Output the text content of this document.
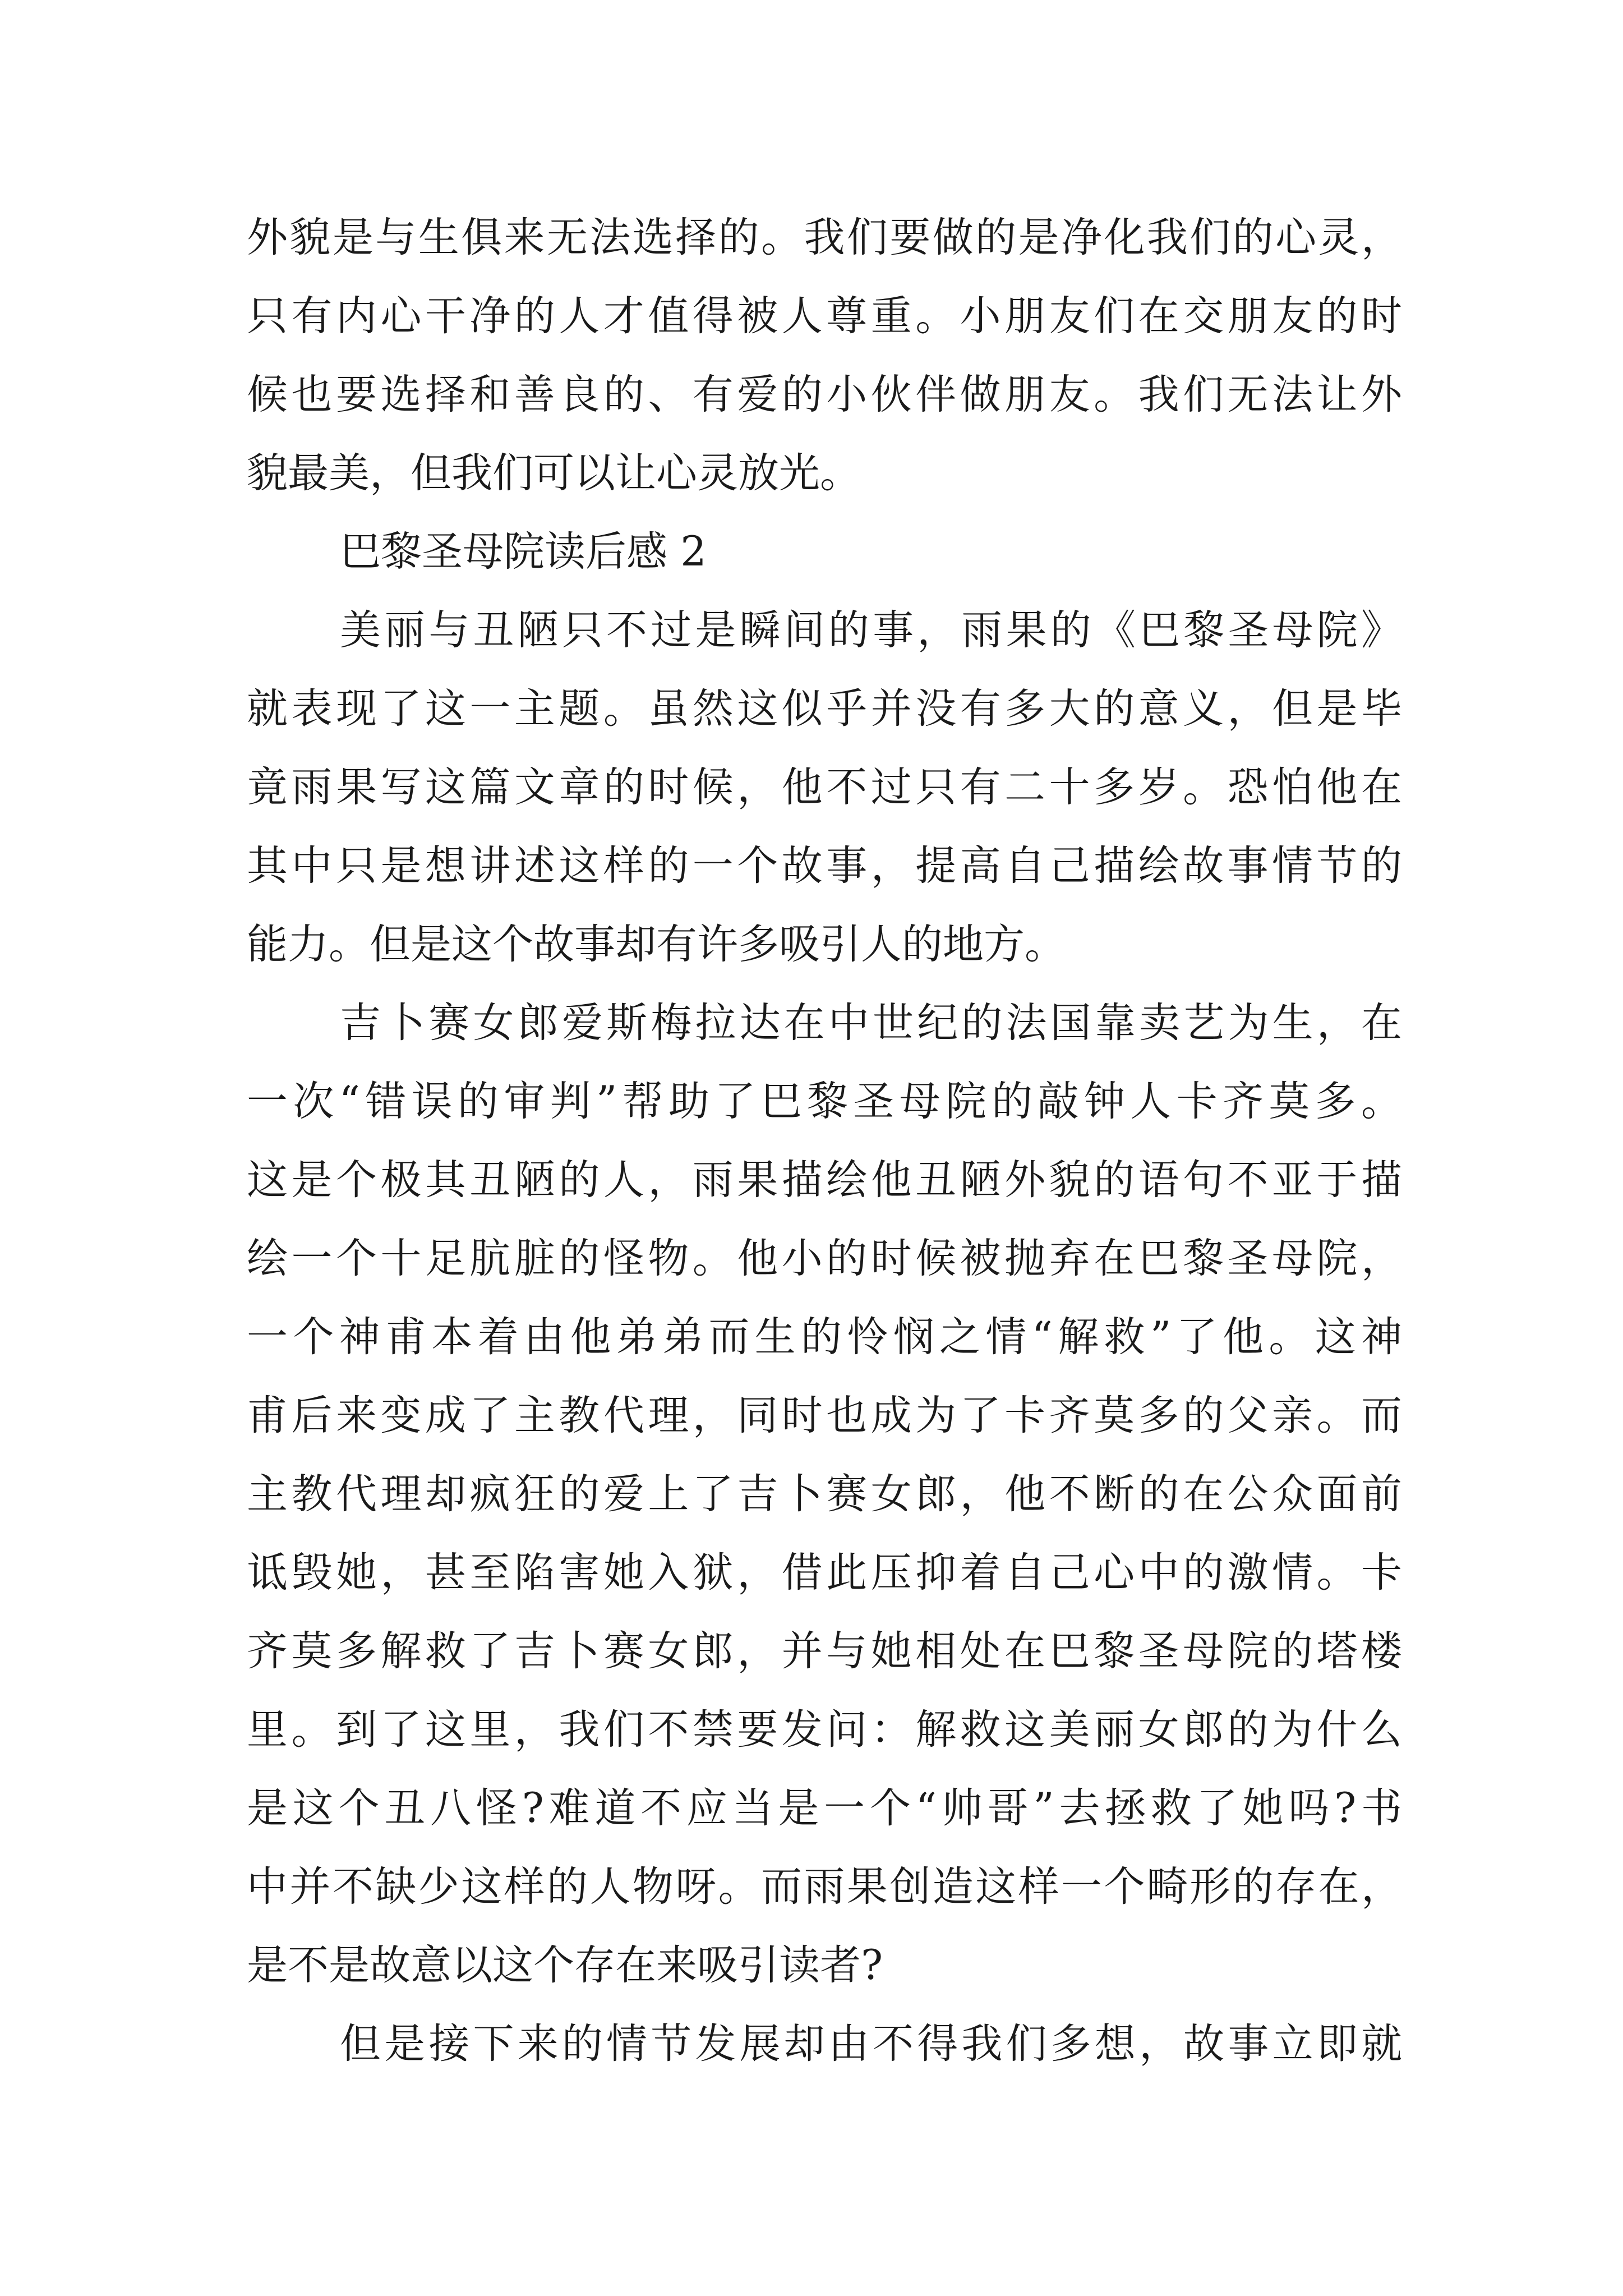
外貌是与生俱来无法选择的。我们要做的是净化我们的心灵，

只有内心干净的人才值得被人尊重。小朋友们在交朋友的时

候也要选择和善良的、有爱的小伙伴做朋友。我们无法让外

貌最美，但我们可以让心灵放光。

巴黎圣母院读后感 2

美丽与丑陋只不过是瞬间的事，雨果的《巴黎圣母院》

就表现了这一主题。虽然这似乎并没有多大的意义，但是毕

竟雨果写这篇文章的时候，他不过只有二十多岁。恐怕他在

其中只是想讲述这样的一个故事，提高自己描绘故事情节的

能力。但是这个故事却有许多吸引人的地方。

吉卜赛女郎爱斯梅拉达在中世纪的法国靠卖艺为生，在

一次“错误的审判”帮助了巴黎圣母院的敲钟人卡齐莫多。

这是个极其丑陋的人，雨果描绘他丑陋外貌的语句不亚于描

绘一个十足肮脏的怪物。他小的时候被抛弃在巴黎圣母院，

一个神甫本着由他弟弟而生的怜悯之情“解救”了他。这神

甫后来变成了主教代理，同时也成为了卡齐莫多的父亲。而

主教代理却疯狂的爱上了吉卜赛女郎，他不断的在公众面前

诋毁她，甚至陷害她入狱，借此压抑着自己心中的激情。卡

齐莫多解救了吉卜赛女郎，并与她相处在巴黎圣母院的塔楼

里。到了这里，我们不禁要发问：解救这美丽女郎的为什么

是这个丑八怪?难道不应当是一个“帅哥”去拯救了她吗?书

中并不缺少这样的人物呀。而雨果创造这样一个畸形的存在，

是不是故意以这个存在来吸引读者?

但是接下来的情节发展却由不得我们多想，故事立即就
